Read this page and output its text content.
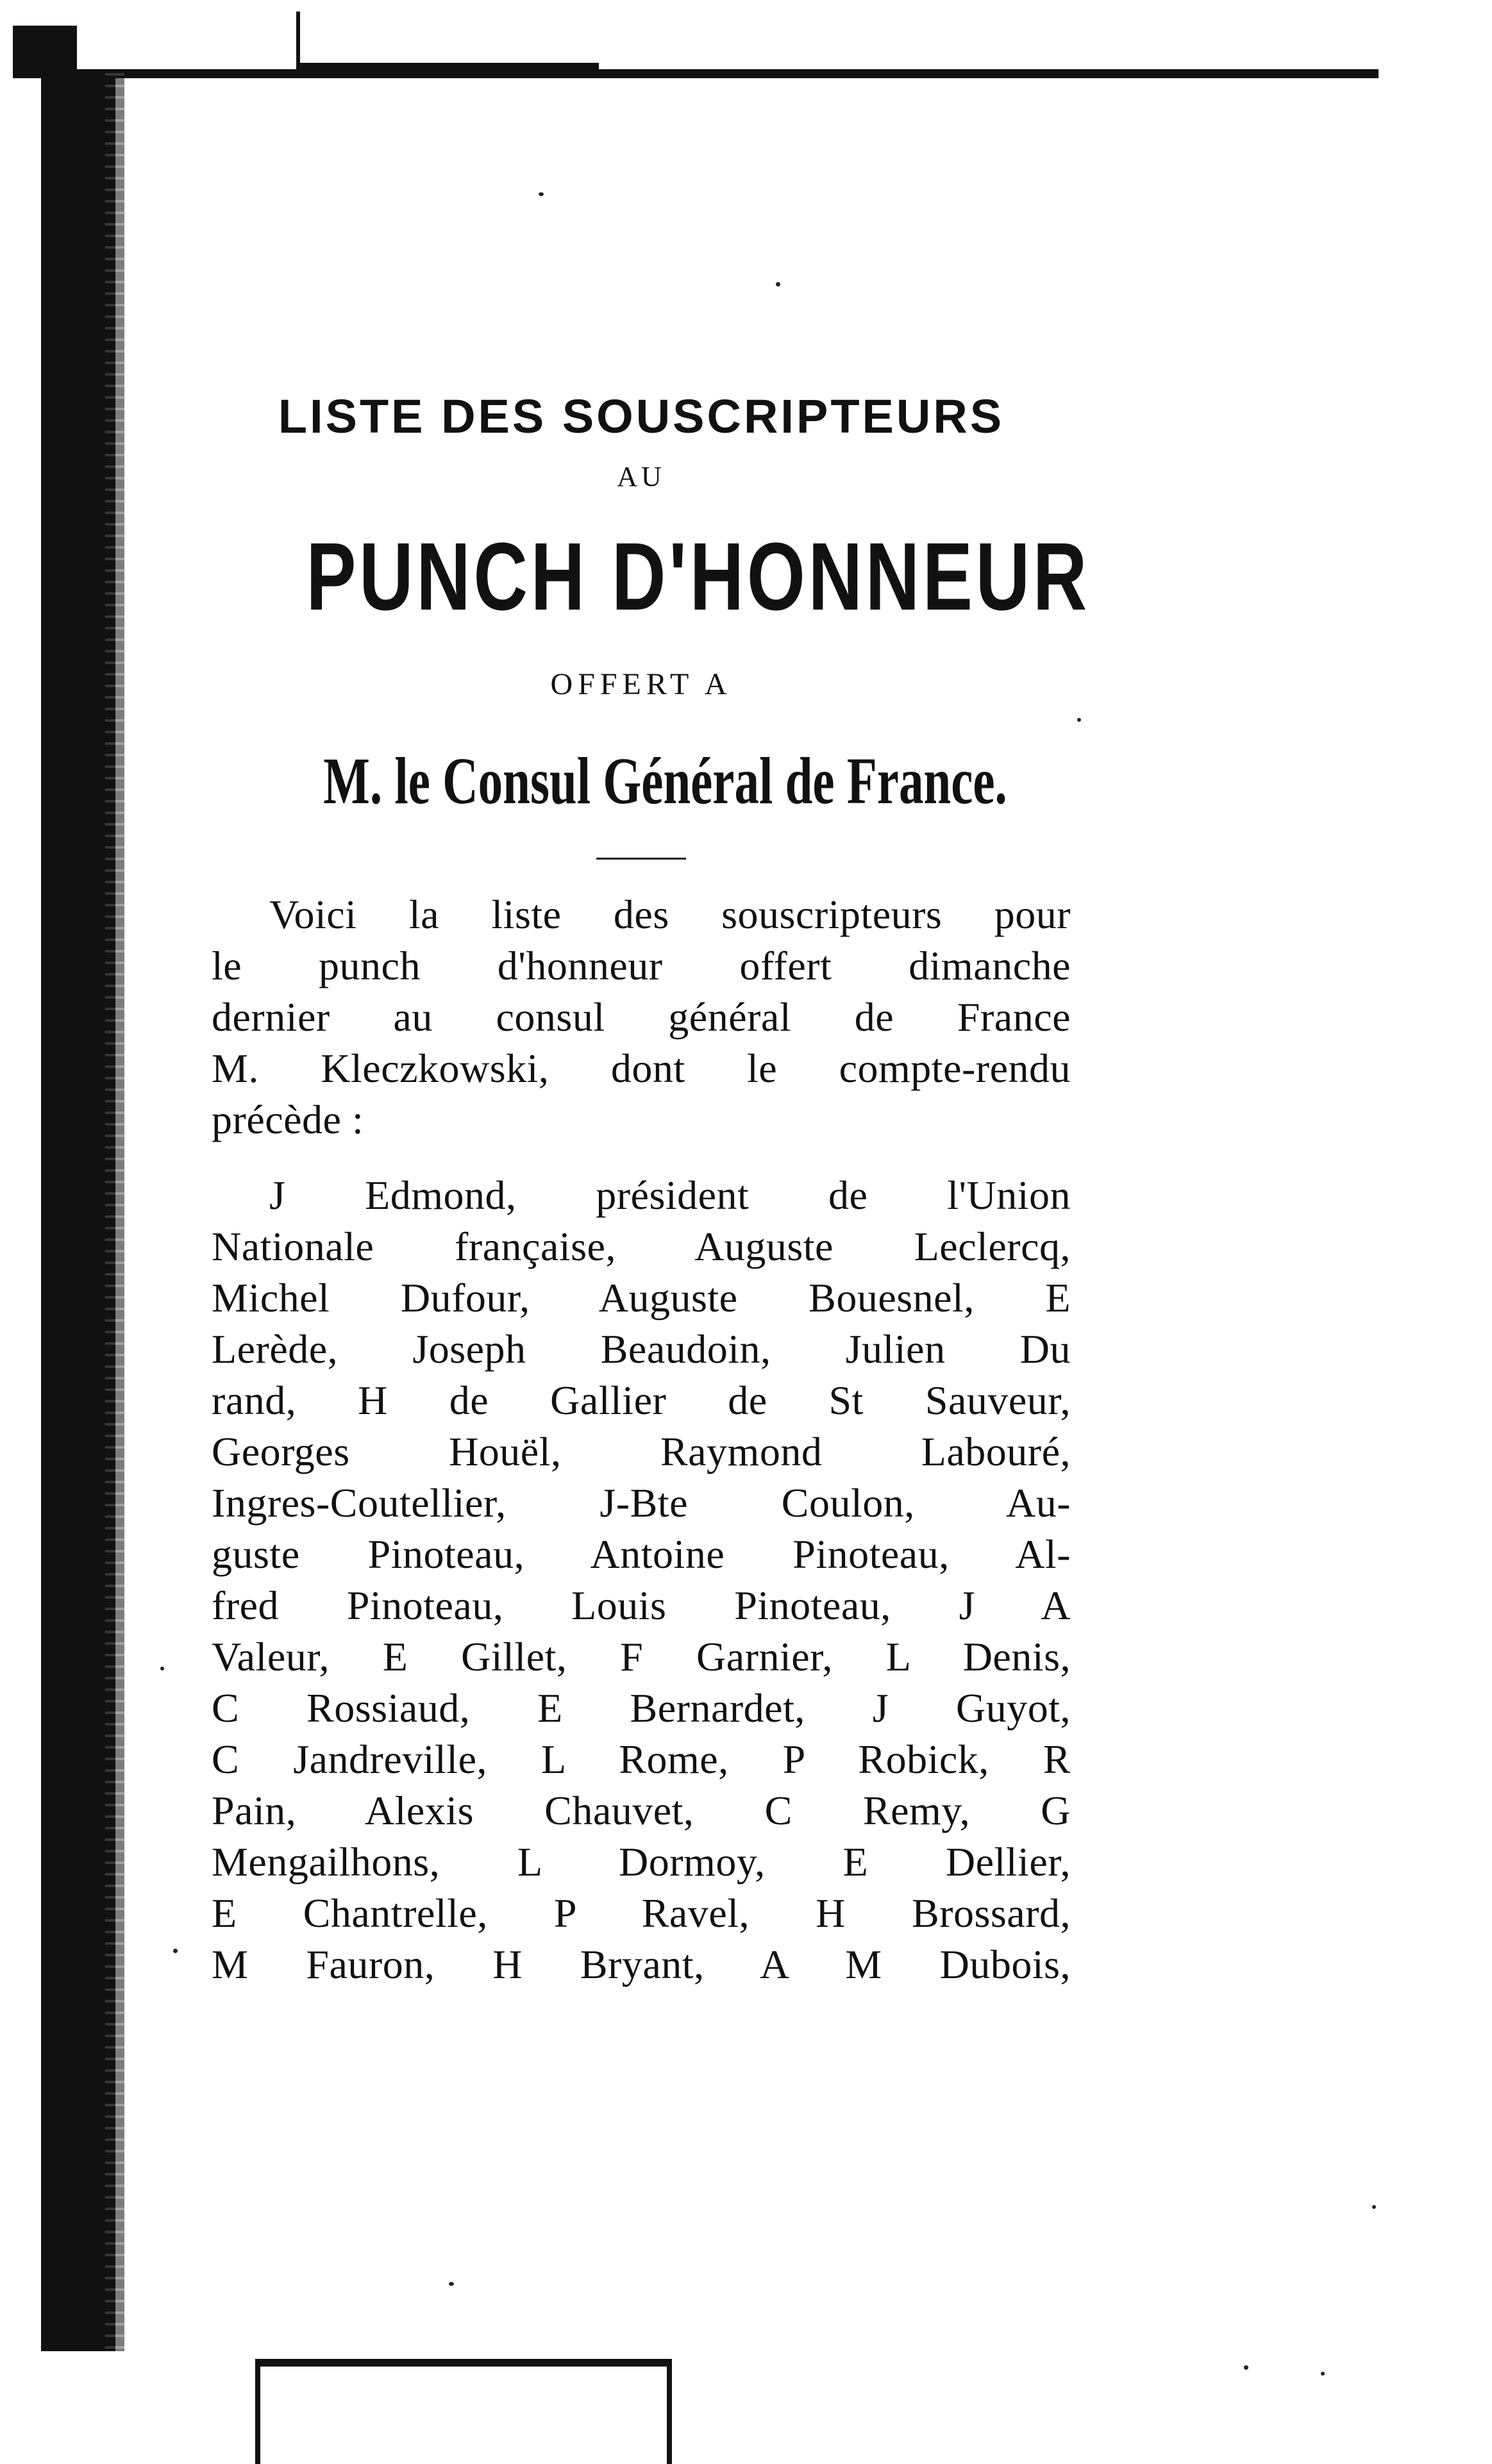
LISTE DES SOUSCRIPTEURS

AU

PUNCH D'HONNEUR

OFFERT A

M. le Consul Général de France.

Voici la liste des souscripteurs pour
le punch d'honneur offert dimanche
dernier au consul général de France
M. Kleczkowski, dont le compte-rendu
précède :
J Edmond, président de l'Union
Nationale française, Auguste Leclercq,
Michel Dufour, Auguste Bouesnel, E
Lerède, Joseph Beaudoin, Julien Du
rand, H de Gallier de St Sauveur,
Georges Houël, Raymond Labouré,
Ingres-Coutellier, J-Bte Coulon, Au-
guste Pinoteau, Antoine Pinoteau, Al-
fred Pinoteau, Louis Pinoteau, J A
Valeur, E Gillet, F Garnier, L Denis,
C Rossiaud, E Bernardet, J Guyot,
C Jandreville, L Rome, P Robick, R
Pain, Alexis Chauvet, C Remy, G
Mengailhons, L Dormoy, E Dellier,
E Chantrelle, P Ravel, H Brossard,
M Fauron, H Bryant, A M Dubois,
